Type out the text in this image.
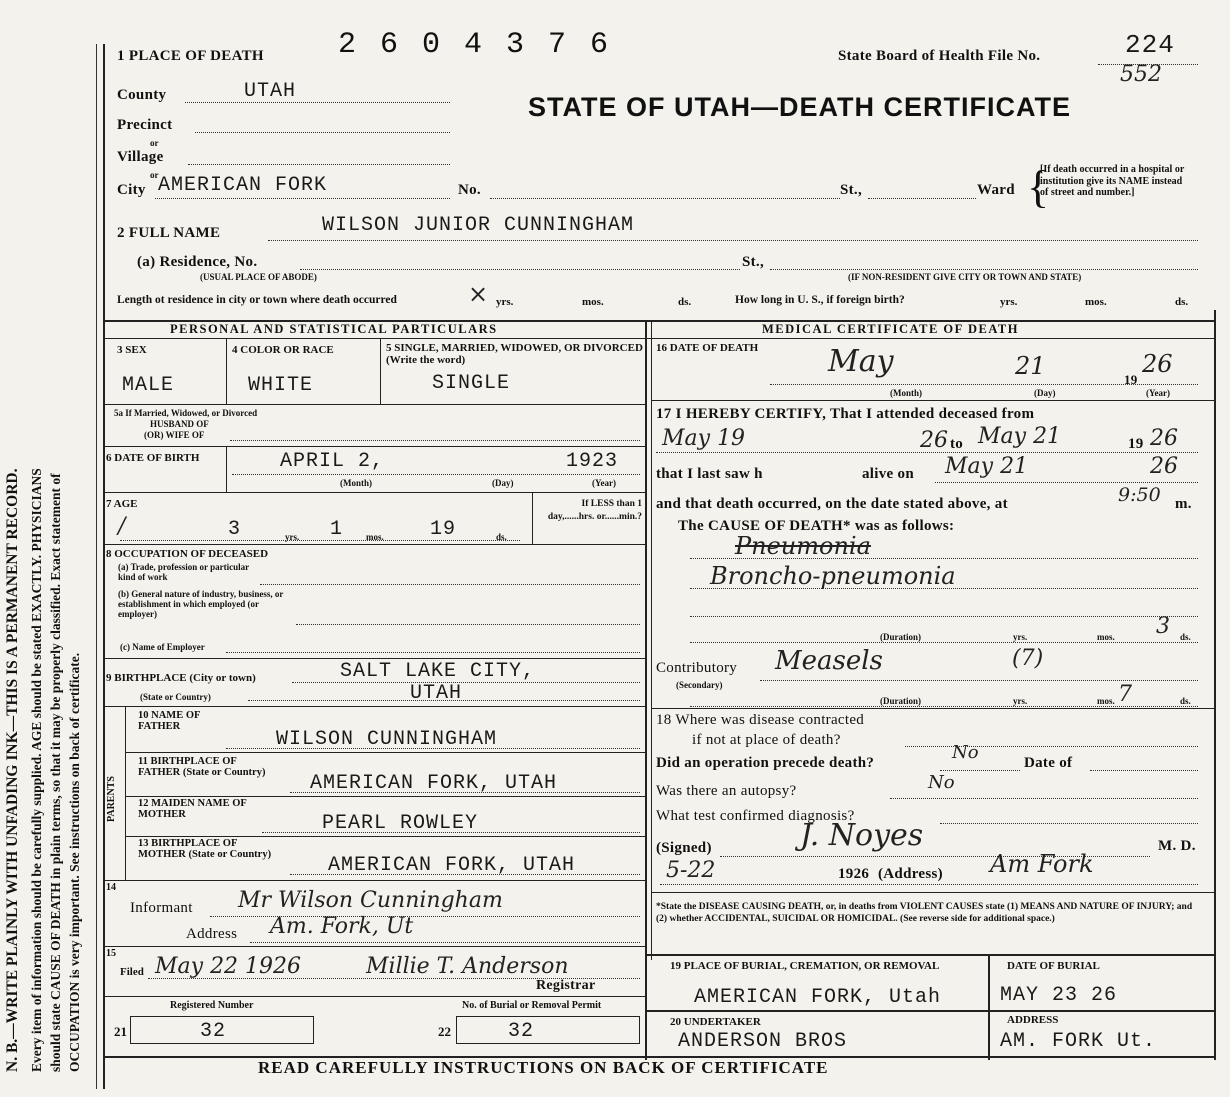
N. B.—WRITE PLAINLY WITH UNFADING INK—THIS IS A PERMANENT RECORD. Every item of information should be carefully supplied. AGE should be stated EXACTLY. PHYSICIANS should state CAUSE OF DEATH in plain terms, so that it may be properly classified. Exact statement of OCCUPATION is very important. See instructions on back of certificate.
1 PLACE OF DEATH 2 6 0 4 3 7 6	State Board of Health File No.	224
552
STATE OF UTAH—DEATH CERTIFICATE
County	UTAH
Precinct
or
Village
or
City AMERICAN FORK	No.	St.,	Ward {
[If death occurred in a hospital or institution give its NAME instead of street and number.]
2 FULL NAME	WILSON JUNIOR CUNNINGHAM
(a) Residence, No.
(USUAL PLACE OF ABODE)
St.,
(IF NON-RESIDENT GIVE CITY OR TOWN AND STATE)
Length ot residence in city or town where death occurred	× yrs.	mos.	ds.	How long in U. S., if foreign birth?	yrs.	mos.	ds.
PERSONAL AND STATISTICAL PARTICULARS	MEDICAL CERTIFICATE OF DEATH
3 SEX
MALE
4 COLOR OR RACE
WHITE
5 SINGLE, MARRIED, WIDOWED, OR DIVORCED (Write the word)
SINGLE
5a If Married, Widowed, or Divorced
HUSBAND OF
(OR) WIFE OF
6 DATE OF BIRTH	APRIL 2,	1923
(Month)	(Day)	(Year)
7 AGE
/	3	yrs. 1	mos. 19	ds.
If LESS than 1 day,......hrs. or......min.?
8 OCCUPATION OF DECEASED
(a) Trade, profession or particular kind of work
(b) General nature of industry, business, or establishment in which employed (or employer)
(c) Name of Employer
9 BIRTHPLACE (City or town)	SALT LAKE CITY,
(State or Country)	UTAH
PARENTS
10 NAME OF FATHER
WILSON CUNNINGHAM
11 BIRTHPLACE OF FATHER (State or Country)	AMERICAN FORK, UTAH
12 MAIDEN NAME OF MOTHER	PEARL ROWLEY
13 BIRTHPLACE OF MOTHER (State or Country)	AMERICAN FORK, UTAH
14
Informant Mr Wilson Cunningham
Address Am. Fork, Ut
15
Filed May 22 1926	Millie T. Anderson
Registrar
Registered Number	No. of Burial or Removal Permit
21	32	22	32
16 DATE OF DEATH May	21	19
26
(Month)	(Day)	(Year)
17 I HEREBY CERTIFY, That I attended deceased from
May 19	26 to May 21	19 26
that I last saw h	alive on May 21	26
and that death occurred, on the date stated above, at	9:50 m.
The CAUSE OF DEATH* was as follows:
Pneumonia
Broncho-pneumonia
(Duration)	yrs.	mos. 3 ds.
Contributory
(Secondary)
Measels	(7)
(Duration)	yrs.	mos. 7	ds.
18 Where was disease contracted
if not at place of death?
Did an operation precede death?	No	Date of
Was there an autopsy?	No
What test confirmed diagnosis?
(Signed)	J. Noyes	M. D.
5-22	1926 (Address) Am Fork
*State the DISEASE CAUSING DEATH, or, in deaths from VIOLENT CAUSES state (1) MEANS AND NATURE OF INJURY; and (2) whether ACCIDENTAL, SUICIDAL OR HOMICIDAL. (See reverse side for additional space.)
19 PLACE OF BURIAL, CREMATION, OR REMOVAL	DATE OF BURIAL
AMERICAN FORK, Utah	MAY 23 26
20 UNDERTAKER
ANDERSON BROS
ADDRESS
AM. FORK Ut.
READ CAREFULLY INSTRUCTIONS ON BACK OF CERTIFICATE
